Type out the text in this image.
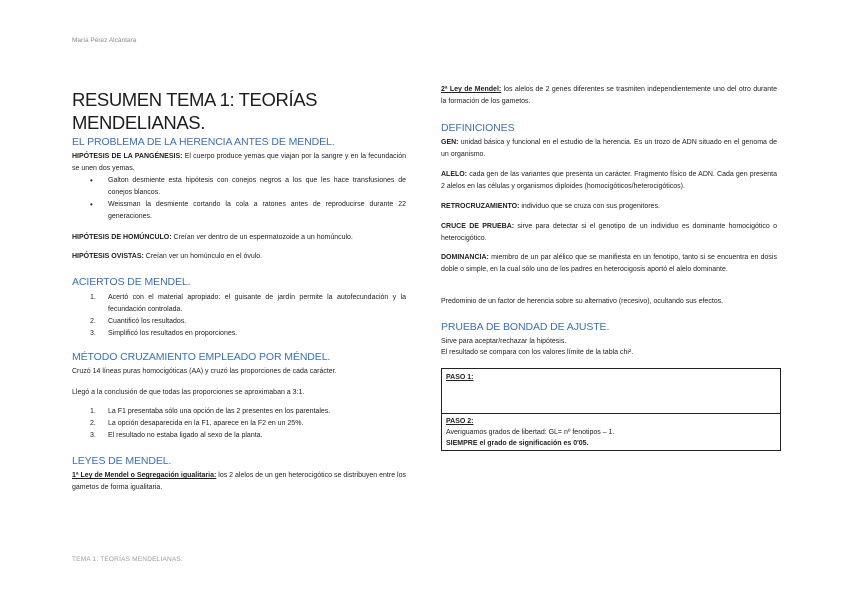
María Pérez Alcántara
TEMA 1: TEORÍAS MENDELIANAS.
RESUMEN TEMA 1: TEORÍAS
MENDELIANAS.
EL PROBLEMA DE LA HERENCIA ANTES DE MENDEL.
HIPÓTESIS DE LA PANGÉNESIS: El cuerpo produce yemas que viajan por la sangre y en la fecundación se unen dos yemas.
• Galton desmiente esta hipótesis con conejos negros a los que les hace transfusiones de conejos blancos.
• Weissman la desmiente cortando la cola a ratones antes de reproducirse durante 22 generaciones.
HIPÓTESIS DE HOMÚNCULO: Creían ver dentro de un espermatozoide a un homúnculo.
HIPÓTESIS OVISTAS: Creían ver un homúnculo en el óvulo.
ACIERTOS DE MENDEL.
1. Acertó con el material apropiado: el guisante de jardín permite la autofecundación y la fecundación controlada.
2. Cuantificó los resultados.
3. Simplificó los resultados en proporciones.
MÉTODO CRUZAMIENTO EMPLEADO POR MÉNDEL.
Cruzó 14 líneas puras homocigóticas (AA) y cruzó las proporciones de cada carácter.
Llegó a la conclusión de que todas las proporciones se aproximaban a 3:1.
1. La F1 presentaba sólo una opción de las 2 presentes en los parentales.
2. La opción desaparecida en la F1, aparece en la F2 en un 25%.
3. El resultado no estaba ligado al sexo de la planta.
LEYES DE MENDEL.
1ª Ley de Mendel o Segregación igualitaria: los 2 alelos de un gen heterocigótico se distribuyen entre los gametos de forma igualitaria.
2ª Ley de Mendel: los alelos de 2 genes diferentes se trasmiten independientemente uno del otro durante la formación de los gametos.
DEFINICIONES
GEN: unidad básica y funcional en el estudio de la herencia. Es un trozo de ADN situado en el genoma de un organismo.
ALELO: cada gen de las variantes que presenta un carácter. Fragmento físico de ADN. Cada gen presenta 2 alelos en las células y organismos diploides (homocigóticos/heterocigóticos).
RETROCRUZAMIENTO: individuo que se cruza con sus progenitores.
CRUCE DE PRUEBA: sirve para detectar si el genotipo de un individuo es dominante homocigótico o heterocigótico.
DOMINANCIA: miembro de un par alélico que se manifiesta en un fenotipo, tanto si se encuentra en dosis doble o simple, en la cual sólo uno de los padres en heterocigosis aportó el alelo dominante.
Predominio de un factor de herencia sobre su alternativo (recesivo), ocultando sus efectos.
PRUEBA DE BONDAD DE AJUSTE.
Sirve para aceptar/rechazar la hipótesis.
El resultado se compara con los valores límite de la tabla chi².
PASO 1:
PASO 2:
Averiguamos grados de libertad: GL= nº fenotipos – 1.
SIEMPRE el grado de significación es 0'05.
